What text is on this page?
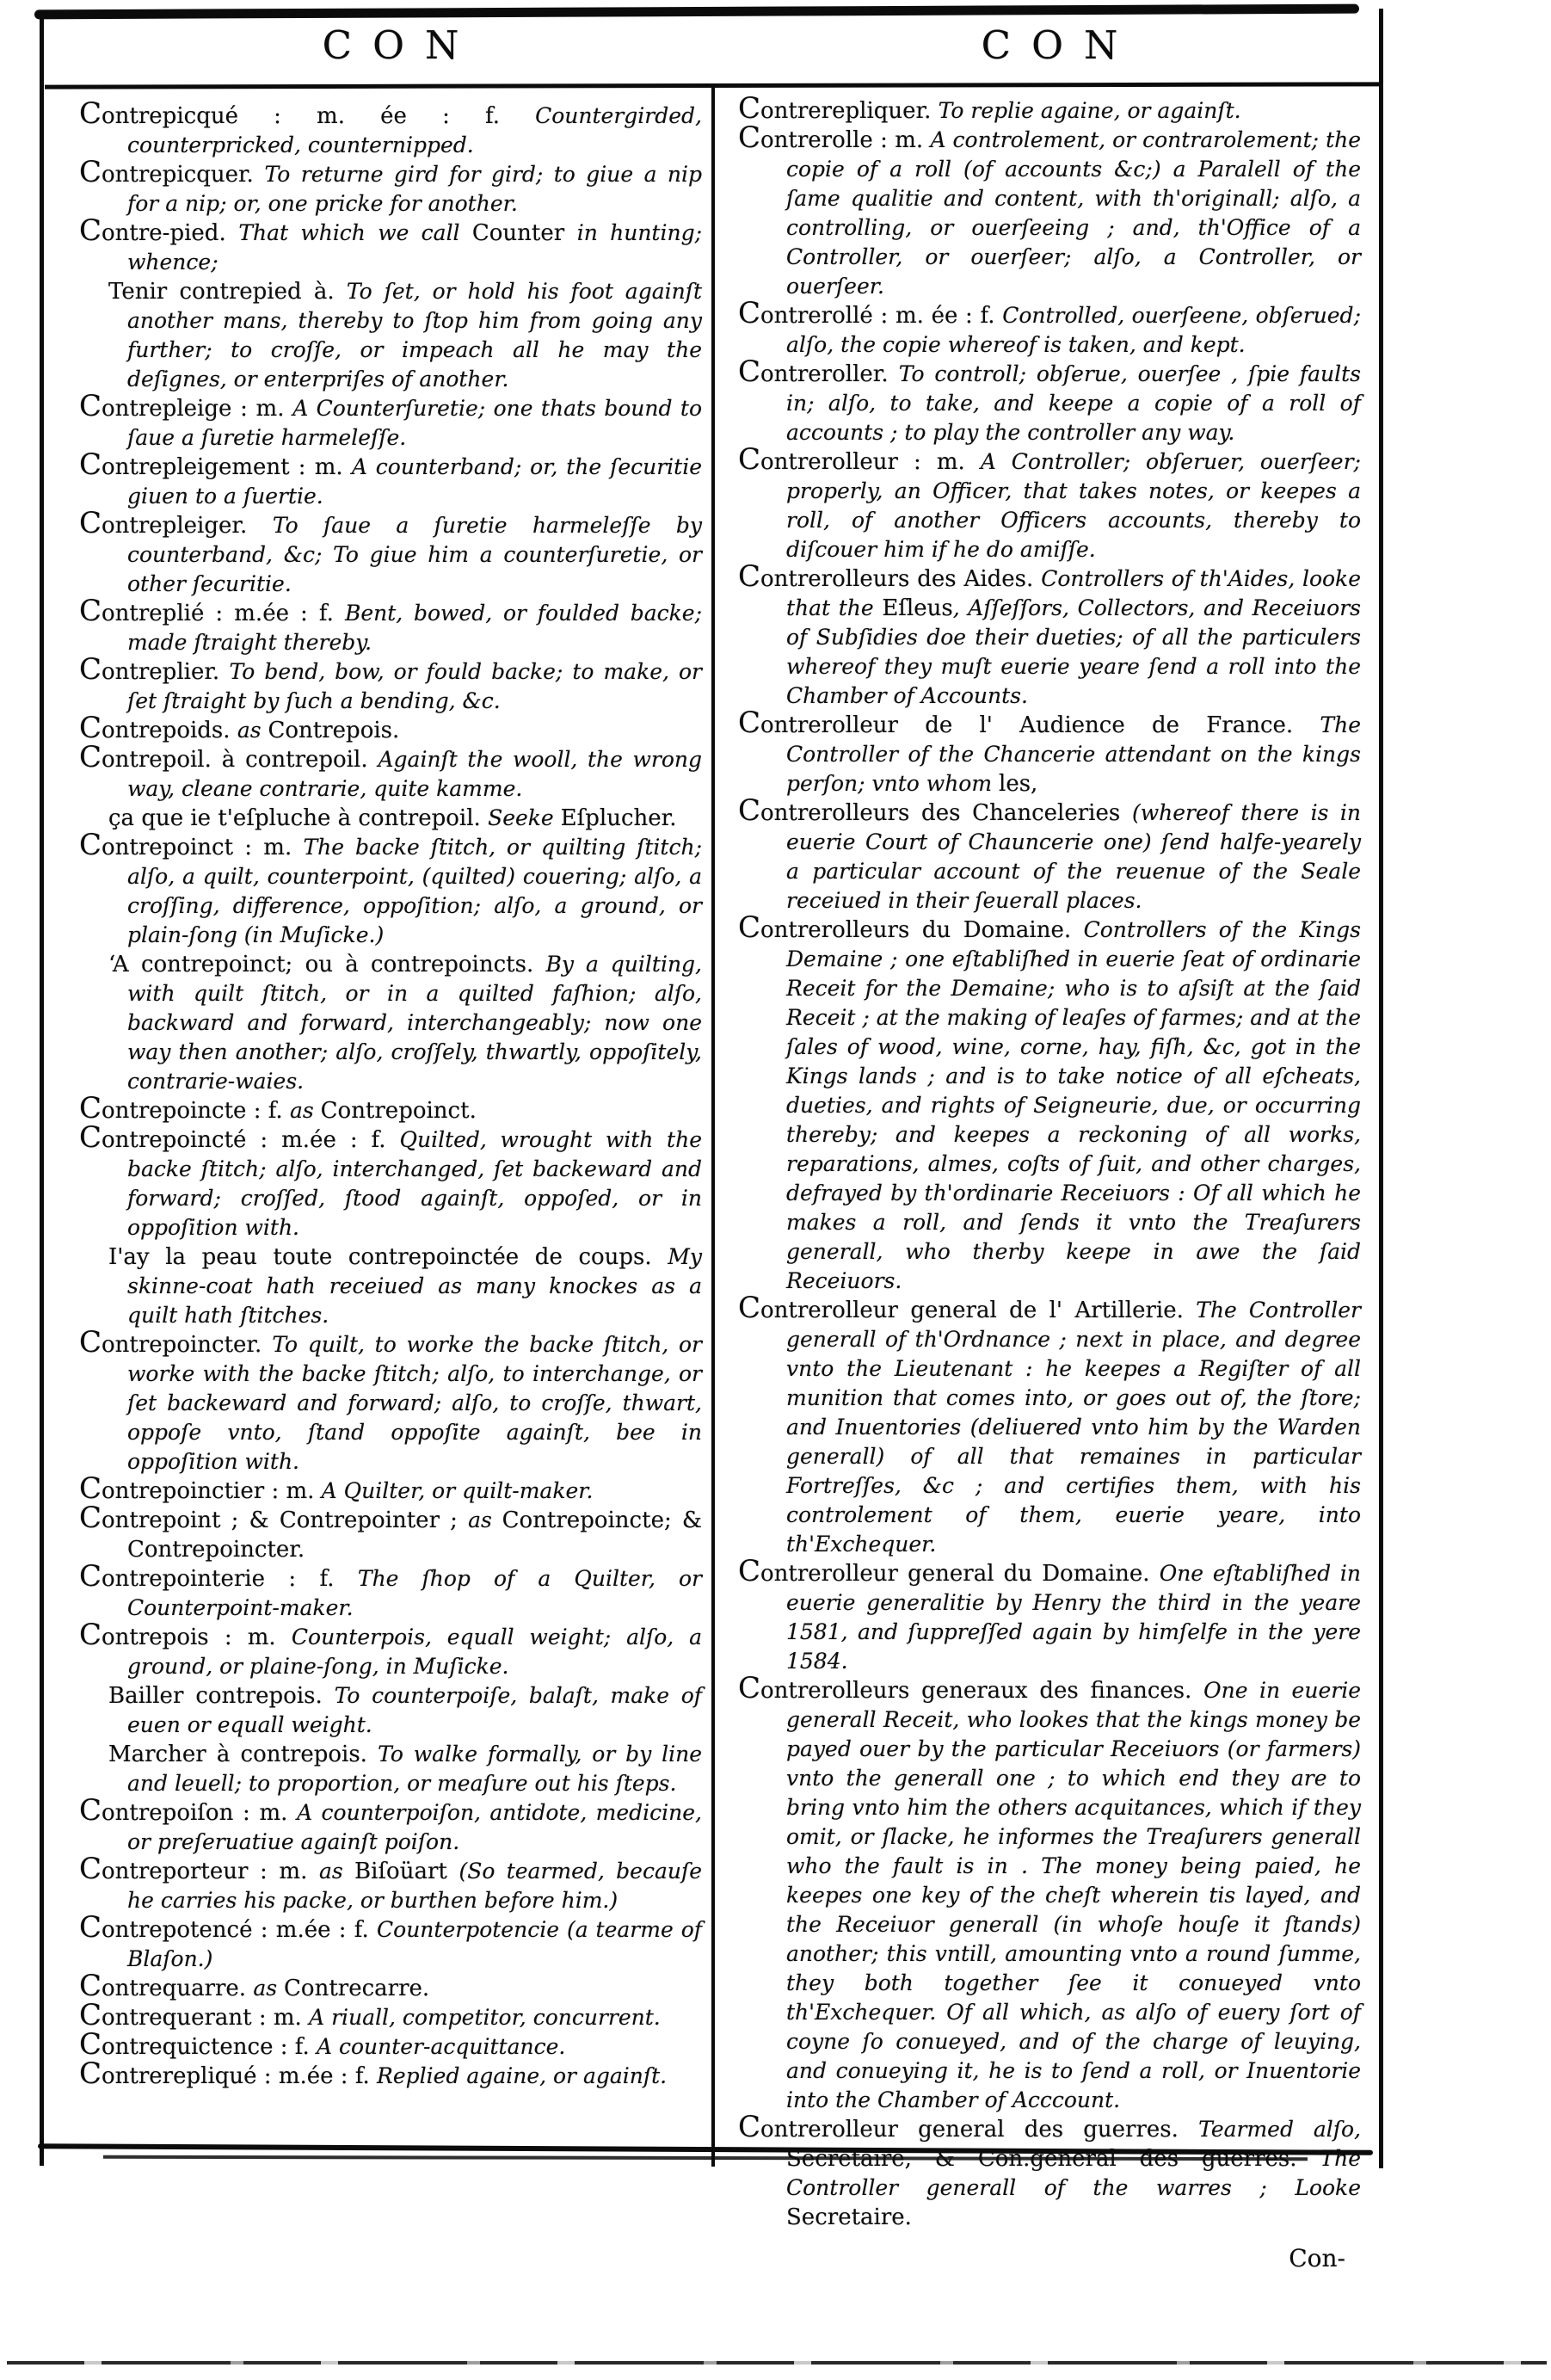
CON	CON

Contrepicqué : m. ée : f. Countergirded, counterpricked, counternipped.

Contrepicquer. To returne gird for gird; to giue a nip for a nip; or, one pricke for another.

Contre-pied. That which we call Counter in hunting; whence;

Tenir contrepied à. To ſet, or hold his foot againſt another mans, thereby to ſtop him from going any further; to croſſe, or impeach all he may the deſignes, or enterpriſes of another.

Contrepleige : m. A Counterſuretie; one thats bound to ſaue a ſuretie harmeleſſe.

Contrepleigement : m. A counterband; or, the ſecuritie giuen to a ſuertie.

Contrepleiger. To ſaue a ſuretie harmeleſſe by counterband, &c; To giue him a counterſuretie, or other ſecuritie.

Contreplié : m.ée : f. Bent, bowed, or foulded backe; made ſtraight thereby.

Contreplier. To bend, bow, or fould backe; to make, or ſet ſtraight by ſuch a bending, &c.

Contrepoids. as Contrepois.

Contrepoil. à contrepoil. Againſt the wooll, the wrong way, cleane contrarie, quite kamme.

ça que ie t'eſpluche à contrepoil. Seeke Eſplucher.

Contrepoinct : m. The backe ſtitch, or quilting ſtitch; alſo, a quilt, counterpoint, (quilted) couering; alſo, a croſſing, difference, oppoſition; alſo, a ground, or plain-ſong (in Muſicke.)

‘A contrepoinct; ou à contrepoincts. By a quilting, with quilt ſtitch, or in a quilted faſhion; alſo, backward and forward, interchangeably; now one way then another; alſo, croſſely, thwartly, oppoſitely, contrarie-waies.

Contrepoincte : f. as Contrepoinct.

Contrepoincté : m.ée : f. Quilted, wrought with the backe ſtitch; alſo, interchanged, ſet backeward and forward; croſſed, ſtood againſt, oppoſed, or in oppoſition with.

I'ay la peau toute contrepoinctée de coups. My skinne-coat hath receiued as many knockes as a quilt hath ſtitches.

Contrepoincter. To quilt, to worke the backe ſtitch, or worke with the backe ſtitch; alſo, to interchange, or ſet backeward and forward; alſo, to croſſe, thwart, oppoſe vnto, ſtand oppoſite againſt, bee in oppoſition with.

Contrepoinctier : m. A Quilter, or quilt-maker.

Contrepoint ; & Contrepointer ; as Contrepoincte; & Contrepoincter.

Contrepointerie : f. The ſhop of a Quilter, or Counterpoint-maker.

Contrepois : m. Counterpois, equall weight; alſo, a ground, or plaine-ſong, in Muſicke.

Bailler contrepois. To counterpoiſe, balaſt, make of euen or equall weight.

Marcher à contrepois. To walke formally, or by line and leuell; to proportion, or meaſure out his ſteps.

Contrepoiſon : m. A counterpoiſon, antidote, medicine, or preſeruatiue againſt poiſon.

Contreporteur : m. as Biſoüart (So tearmed, becauſe he carries his packe, or burthen before him.)

Contrepotencé : m.ée : f. Counterpotencie (a tearme of Blaſon.)

Contrequarre. as Contrecarre.

Contrequerant : m. A riuall, competitor, concurrent.

Contrequictence : f. A counter-acquittance.

Contrerepliqué : m.ée : f. Replied againe, or againſt.

Contrerepliquer. To replie againe, or againſt.

Contrerolle : m. A controlement, or contrarolement; the copie of a roll (of accounts &c;) a Paralell of the ſame qualitie and content, with th'originall; alſo, a controlling, or ouerſeeing ; and, th'Office of a Controller, or ouerſeer; alſo, a Controller, or ouerſeer.

Contrerollé : m. ée : f. Controlled, ouerſeene, obſerued; alſo, the copie whereof is taken, and kept.

Contreroller. To controll; obſerue, ouerſee , ſpie faults in; alſo, to take, and keepe a copie of a roll of accounts ; to play the controller any way.

Contrerolleur : m. A Controller; obſeruer, ouerſeer; properly, an Officer, that takes notes, or keepes a roll, of another Officers accounts, thereby to diſcouer him if he do amiſſe.

Contrerolleurs des Aides. Controllers of th'Aides, looke that the Eſleus, Aſſeſſors, Collectors, and Receiuors of Subſidies doe their dueties; of all the particulers whereof they muſt euerie yeare ſend a roll into the Chamber of Accounts.

Contrerolleur de l' Audience de France. The Controller of the Chancerie attendant on the kings perſon; vnto whom les,

Contrerolleurs des Chanceleries (whereof there is in euerie Court of Chauncerie one) ſend halfe-yearely a particular account of the reuenue of the Seale receiued in their ſeuerall places.

Contrerolleurs du Domaine. Controllers of the Kings Demaine ; one eſtabliſhed in euerie ſeat of ordinarie Receit for the Demaine; who is to aſsiſt at the ſaid Receit ; at the making of leaſes of farmes; and at the ſales of wood, wine, corne, hay, fiſh, &c, got in the Kings lands ; and is to take notice of all eſcheats, dueties, and rights of Seigneurie, due, or occurring thereby; and keepes a reckoning of all works, reparations, almes, coſts of ſuit, and other charges, defrayed by th'ordinarie Receiuors : Of all which he makes a roll, and ſends it vnto the Treaſurers generall, who therby keepe in awe the ſaid Receiuors.

Contrerolleur general de l' Artillerie. The Controller generall of th'Ordnance ; next in place, and degree vnto the Lieutenant : he keepes a Regiſter of all munition that comes into, or goes out of, the ſtore; and Inuentories (deliuered vnto him by the Warden generall) of all that remaines in particular Fortreſſes, &c ; and certifies them, with his controlement of them, euerie yeare, into th'Exchequer.

Contrerolleur general du Domaine. One eſtabliſhed in euerie generalitie by Henry the third in the yeare 1581, and ſuppreſſed again by himſelfe in the yere 1584.

Contrerolleurs generaux des finances. One in euerie generall Receit, who lookes that the kings money be payed ouer by the particular Receiuors (or farmers) vnto the generall one ; to which end they are to bring vnto him the others acquitances, which if they omit, or ſlacke, he informes the Treaſurers generall who the fault is in . The money being paied, he keepes one key of the cheſt wherein tis layed, and the Receiuor generall (in whoſe houſe it ſtands) another; this vntill, amounting vnto a round ſumme, they both together ſee it conueyed vnto th'Exchequer. Of all which, as alſo of euery ſort of coyne ſo conueyed, and of the charge of leuying, and conueying it, he is to ſend a roll, or Inuentorie into the Chamber of Acccount.

Contrerolleur general des guerres. Tearmed alſo, Secretaire, & Con.general des guerres. The Controller generall of the warres ; Looke Secretaire.

Con-
